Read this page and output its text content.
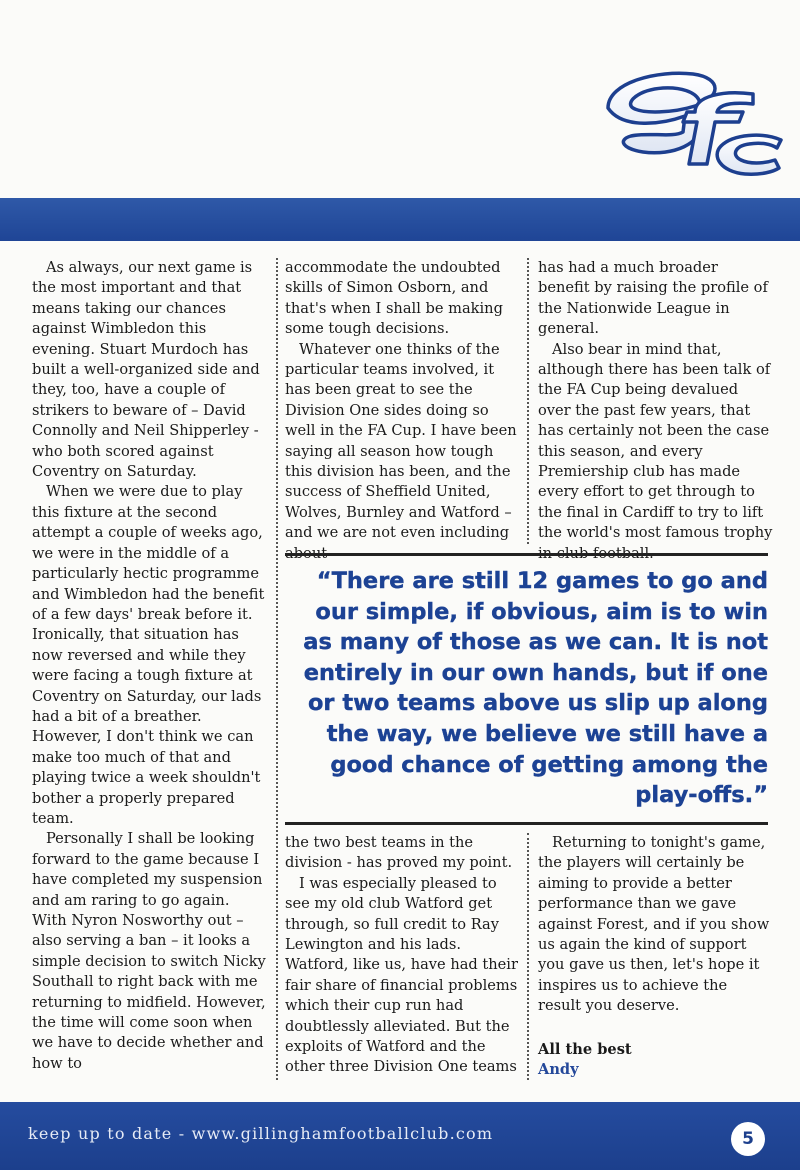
As always, our next game is the most important and that means taking our chances against Wimbledon this evening. Stuart Murdoch has built a well-organized side and they, too, have a couple of strikers to beware of – David Connolly and Neil Shipperley - who both scored against Coventry on Saturday.

When we were due to play this fixture at the second attempt a couple of weeks ago, we were in the middle of a particularly hectic programme and Wimbledon had the benefit of a few days' break before it. Ironically, that situation has now reversed and while they were facing a tough fixture at Coventry on Saturday, our lads had a bit of a breather. However, I don't think we can make too much of that and playing twice a week shouldn't bother a properly prepared team.

Personally I shall be looking forward to the game because I have completed my suspension and am raring to go again. With Nyron Nosworthy out – also serving a ban – it looks a simple decision to switch Nicky Southall to right back with me returning to midfield. However, the time will come soon when we have to decide whether and how to

accommodate the undoubted skills of Simon Osborn, and that's when I shall be making some tough decisions.

Whatever one thinks of the particular teams involved, it has been great to see the Division One sides doing so well in the FA Cup. I have been saying all season how tough this division has been, and the success of Sheffield United, Wolves, Burnley and Watford – and we are not even including

has had a much broader benefit by raising the profile of the Nationwide League in general.

Also bear in mind that, although there has been talk of the FA Cup being devalued over the past few years, that has certainly not been the case this season, and every Premiership club has made every effort to get through to the final in Cardiff to try to lift the world's most famous trophy

“There are still 12 games to go and our simple, if obvious, aim is to win as many of those as we can. It is not entirely in our own hands, but if one or two teams above us slip up along the way, we believe we still have a good chance of getting among the play-offs.”

the two best teams in the division - has proved my point.

I was especially pleased to see my old club Watford get through, so full credit to Ray Lewington and his lads. Watford, like us, have had their fair share of financial problems which their cup run had doubtlessly alleviated. But the exploits of Watford and the other three Division One teams

Returning to tonight's game, the players will certainly be aiming to provide a better performance than we gave against Forest, and if you show us again the kind of support you gave us then, let's hope it inspires us to achieve the result you deserve.

All the best
Andy
keep up to date - www.gillinghamfootballclub.com	5
